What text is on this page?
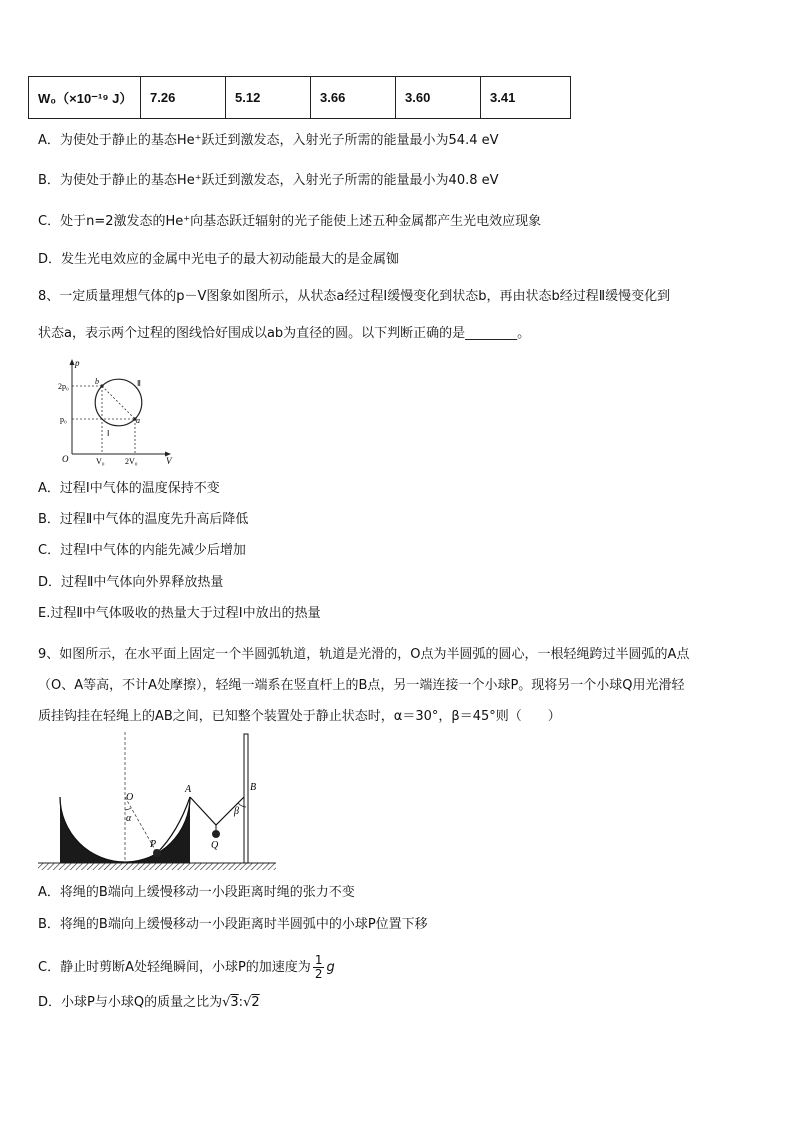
W₀（×10⁻¹⁹ J）	7.26	5.12	3.66	3.60	3.41
A．为使处于静止的基态He⁺跃迁到激发态，入射光子所需的能量最小为54.4 eV
B．为使处于静止的基态He⁺跃迁到激发态，入射光子所需的能量最小为40.8 eV
C．处于n=2激发态的He⁺向基态跃迁辐射的光子能使上述五种金属都产生光电效应现象
D．发生光电效应的金属中光电子的最大初动能最大的是金属铷
8、一定质量理想气体的p－V图象如图所示，从状态a经过程Ⅰ缓慢变化到状态b，再由状态b经过程Ⅱ缓慢变化到
状态a，表示两个过程的图线恰好围成以ab为直径的圆。以下判断正确的是________。
p
V
O
2p₀
p₀
V₀	2V₀
a
b
Ⅰ
Ⅱ
A．过程Ⅰ中气体的温度保持不变
B．过程Ⅱ中气体的温度先升高后降低
C．过程Ⅰ中气体的内能先减少后增加
D．过程Ⅱ中气体向外界释放热量
E.过程Ⅱ中气体吸收的热量大于过程Ⅰ中放出的热量
9、如图所示，在水平面上固定一个半圆弧轨道，轨道是光滑的，O点为半圆弧的圆心，一根轻绳跨过半圆弧的A点
（O、A等高，不计A处摩擦），轻绳一端系在竖直杆上的B点，另一端连接一个小球P。现将另一个小球Q用光滑轻
质挂钩挂在轻绳上的AB之间，已知整个装置处于静止状态时，α＝30°，β＝45°则（　　）
O
A	B
P	Q
α
β
A．将绳的B端向上缓慢移动一小段距离时绳的张力不变
B．将绳的B端向上缓慢移动一小段距离时半圆弧中的小球P位置下移
C．静止时剪断A处轻绳瞬间，小球P的加速度为 $\frac{1}{2}$ g
D．小球P与小球Q的质量之比为√3:√2
